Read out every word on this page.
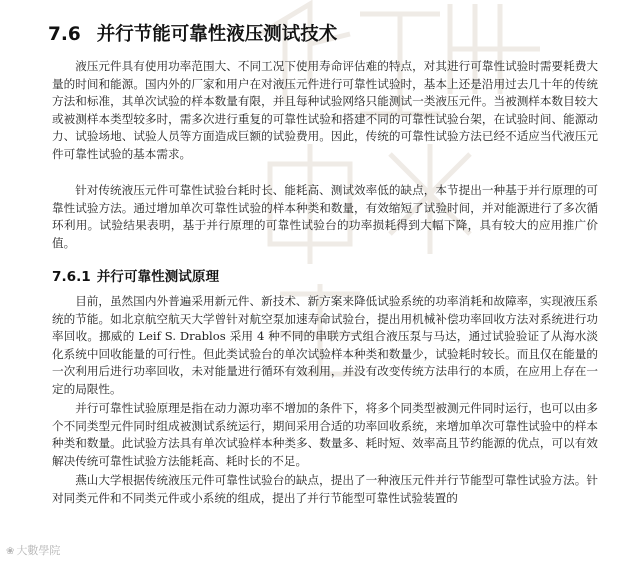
7.6 并行节能可靠性液压测试技术

液压元件具有使用功率范围大、不同工况下使用寿命评估难的特点，对其进行可靠性试验时需要耗费大量的时间和能源。国内外的厂家和用户在对液压元件进行可靠性试验时，基本上还是沿用过去几十年的传统方法和标准，其单次试验的样本数量有限，并且每种试验网络只能测试一类液压元件。当被测样本数目较大或被测样本类型较多时，需多次进行重复的可靠性试验和搭建不同的可靠性试验台架，在试验时间、能源动力、试验场地、试验人员等方面造成巨额的试验费用。因此，传统的可靠性试验方法已经不适应当代液压元件可靠性试验的基本需求。

针对传统液压元件可靠性试验台耗时长、能耗高、测试效率低的缺点，本节提出一种基于并行原理的可靠性试验方法。通过增加单次可靠性试验的样本种类和数量，有效缩短了试验时间，并对能源进行了多次循环利用。试验结果表明，基于并行原理的可靠性试验台的功率损耗得到大幅下降，具有较大的应用推广价值。

7.6.1 并行可靠性测试原理

目前，虽然国内外普遍采用新元件、新技术、新方案来降低试验系统的功率消耗和故障率，实现液压系统的节能。如北京航空航天大学曾针对航空泵加速寿命试验台，提出用机械补偿功率回收方法对系统进行功率回收。挪威的 Leif S. Drablos 采用 4 种不同的串联方式组合液压泵与马达，通过试验验证了从海水淡化系统中回收能量的可行性。但此类试验台的单次试验样本种类和数量少，试验耗时较长。而且仅在能量的一次利用后进行功率回收，未对能量进行循环有效利用，并没有改变传统方法串行的本质，在应用上存在一定的局限性。

并行可靠性试验原理是指在动力源功率不增加的条件下，将多个同类型被测元件同时运行，也可以由多个不同类型元件同时组成被测试系统运行，期间采用合适的功率回收系统，来增加单次可靠性试验中的样本种类和数量。此试验方法具有单次试验样本种类多、数量多、耗时短、效率高且节约能源的优点，可以有效解决传统可靠性试验方法能耗高、耗时长的不足。

燕山大学根据传统液压元件可靠性试验台的缺点，提出了一种液压元件并行节能型可靠性试验方法。针对同类元件和不同类元件或小系统的组成，提出了并行节能型可靠性试验装置的

❀ 大數學院
